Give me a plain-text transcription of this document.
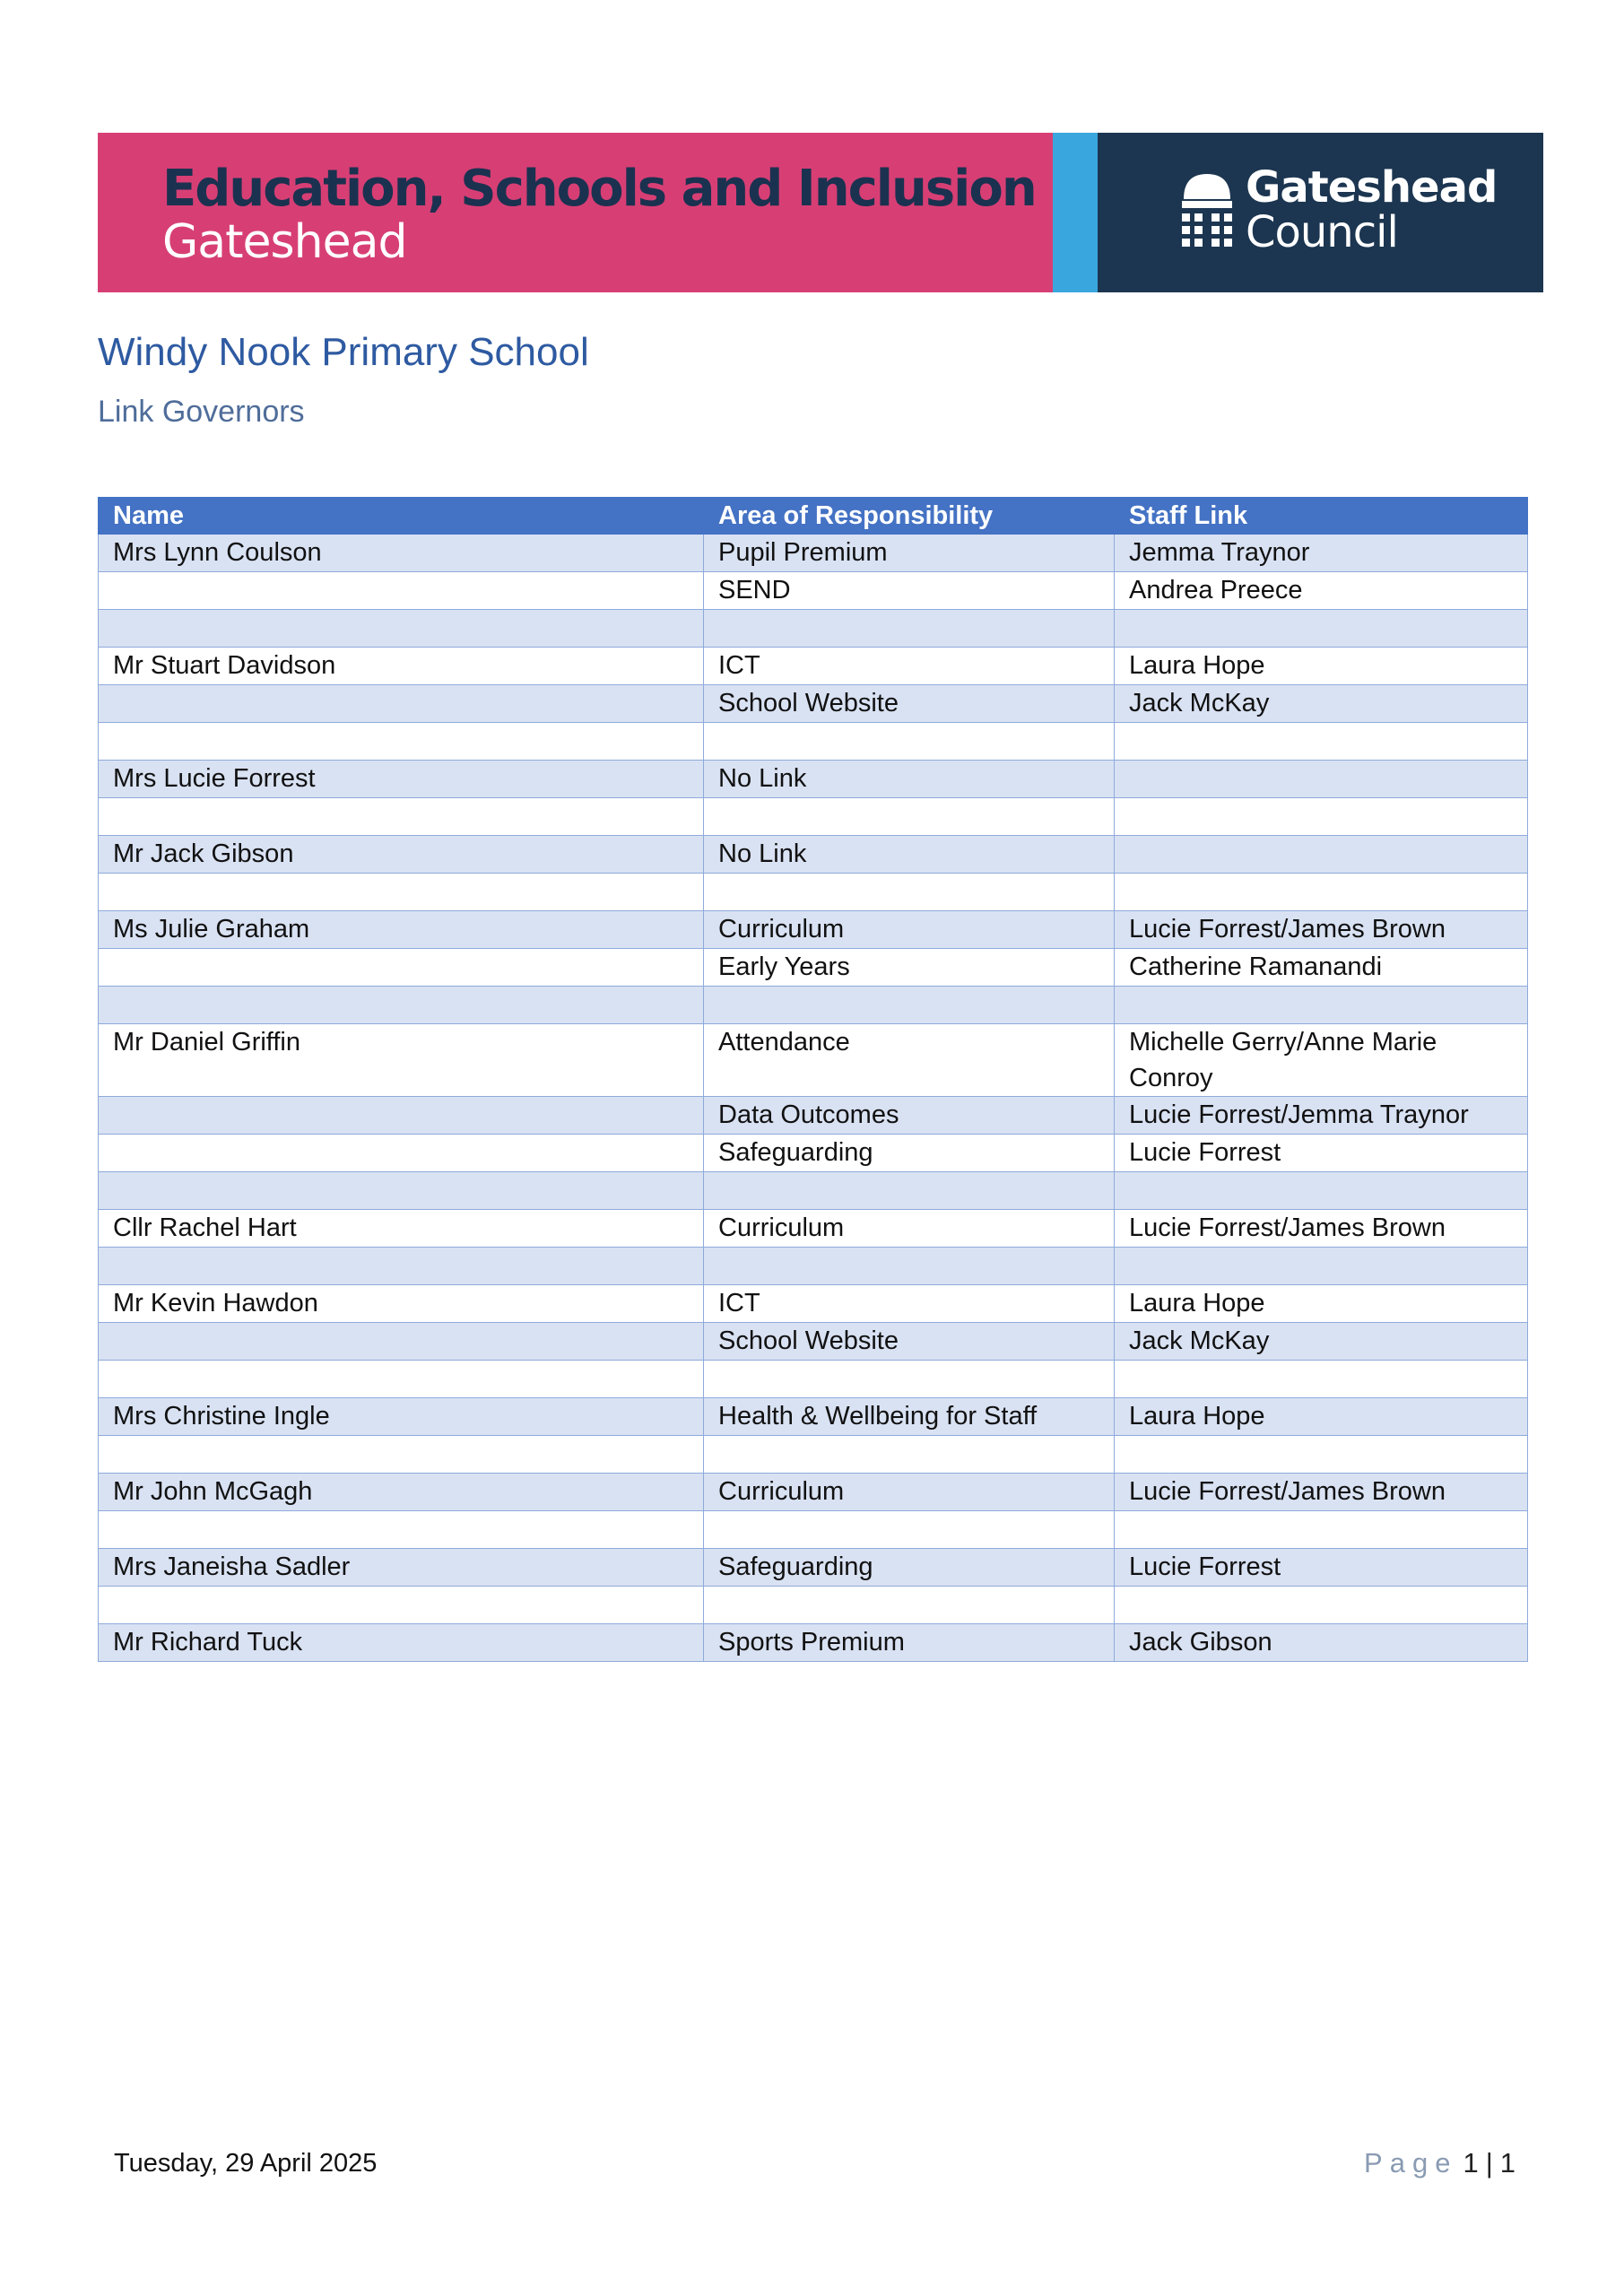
Education, Schools and Inclusion
Gateshead
Gateshead
Council
Windy Nook Primary School
Link Governors
Name	Area of Responsibility	Staff Link
Mrs Lynn Coulson	Pupil Premium	Jemma Traynor
	SEND	Andrea Preece

Mr Stuart Davidson	ICT	Laura Hope
	School Website	Jack McKay

Mrs Lucie Forrest	No Link	

Mr Jack Gibson	No Link	

Ms Julie Graham	Curriculum	Lucie Forrest/James Brown
	Early Years	Catherine Ramanandi

Mr Daniel Griffin	Attendance	Michelle Gerry/Anne Marie Conroy
	Data Outcomes	Lucie Forrest/Jemma Traynor
	Safeguarding	Lucie Forrest

Cllr Rachel Hart	Curriculum	Lucie Forrest/James Brown

Mr Kevin Hawdon	ICT	Laura Hope
	School Website	Jack McKay

Mrs Christine Ingle	Health & Wellbeing for Staff	Laura Hope

Mr John McGagh	Curriculum	Lucie Forrest/James Brown

Mrs Janeisha Sadler	Safeguarding	Lucie Forrest

Mr Richard Tuck	Sports Premium	Jack Gibson
Tuesday, 29 April 2025	Page 1 | 1
